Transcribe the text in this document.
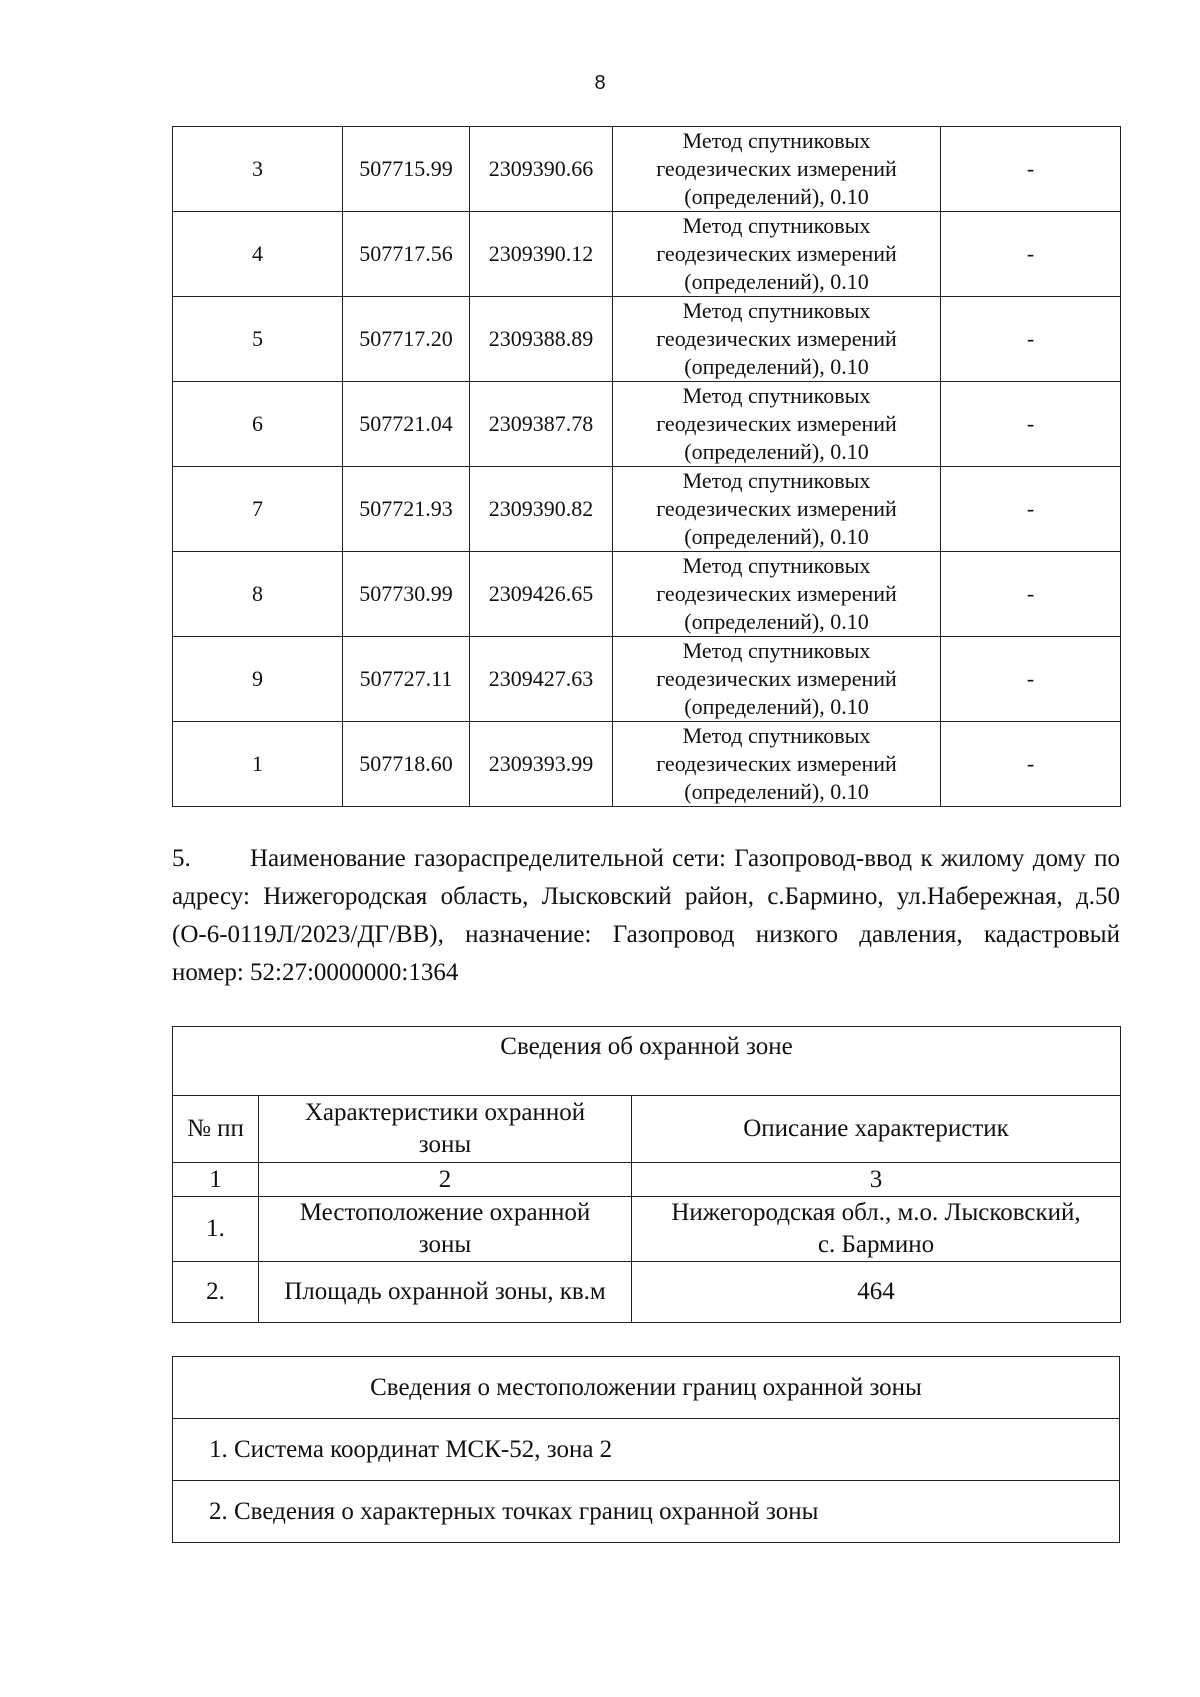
8
3	507715.99	2309390.66	Метод спутниковых
геодезических измерений
(определений), 0.10	-
4	507717.56	2309390.12	Метод спутниковых
геодезических измерений
(определений), 0.10	-
5	507717.20	2309388.89	Метод спутниковых
геодезических измерений
(определений), 0.10	-
6	507721.04	2309387.78	Метод спутниковых
геодезических измерений
(определений), 0.10	-
7	507721.93	2309390.82	Метод спутниковых
геодезических измерений
(определений), 0.10	-
8	507730.99	2309426.65	Метод спутниковых
геодезических измерений
(определений), 0.10	-
9	507727.11	2309427.63	Метод спутниковых
геодезических измерений
(определений), 0.10	-
1	507718.60	2309393.99	Метод спутниковых
геодезических измерений
(определений), 0.10	-
5. Наименование газораспределительной сети: Газопровод-ввод к жилому дому по адресу: Нижегородская область, Лысковский район, с.Бармино, ул.Набережная, д.50 (О-6-0119Л/2023/ДГ/ВВ), назначение: Газопровод низкого давления, кадастровый номер: 52:27:0000000:1364
Сведения об охранной зоне		
№ пп	Характеристики охранной
зоны	Описание характеристик
1	2	3
1.	Местоположение охранной
зоны	Нижегородская обл., м.о. Лысковский,
с. Бармино
2.	Площадь охранной зоны, кв.м	464
Сведения о местоположении границ охранной зоны
1. Система координат МСК-52, зона 2
2. Сведения о характерных точках границ охранной зоны
